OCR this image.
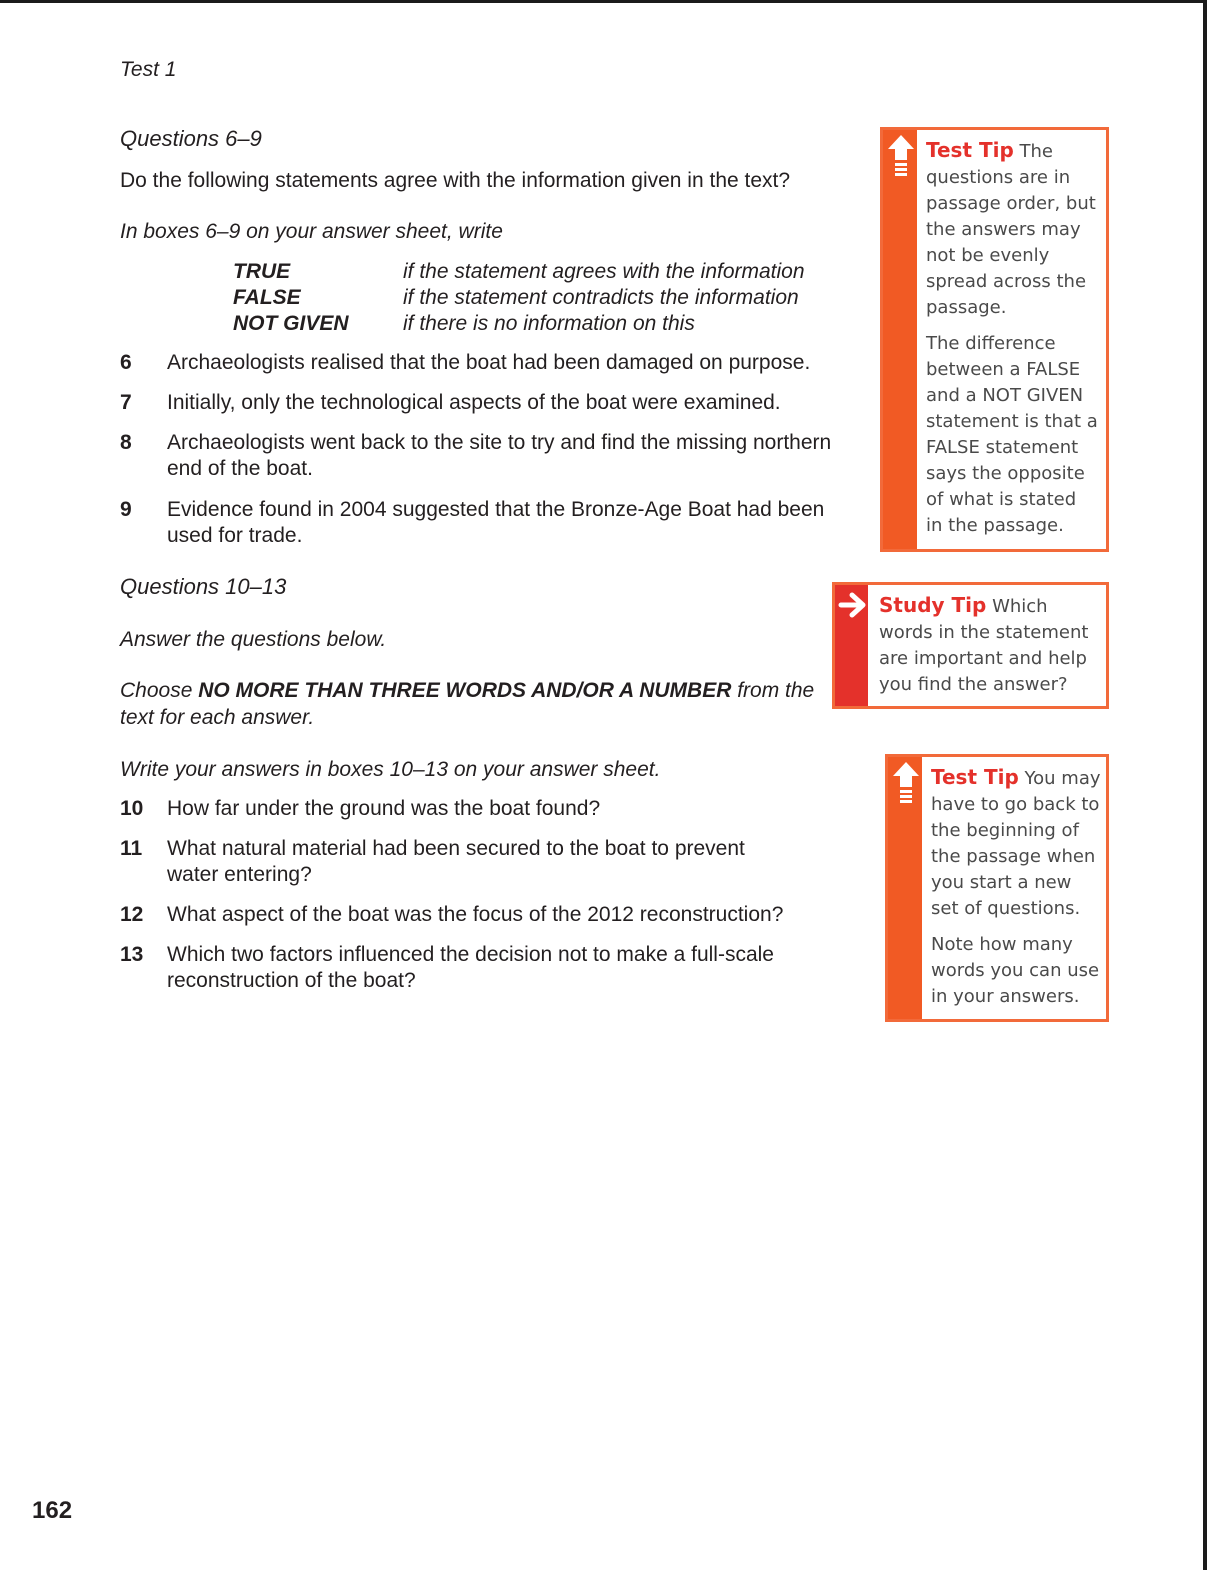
Test 1
Questions 6–9
Do the following statements agree with the information given in the text?
In boxes 6–9 on your answer sheet, write
TRUE	if the statement agrees with the information
FALSE	if the statement contradicts the information
NOT GIVEN	if there is no information on this
6 Archaeologists realised that the boat had been damaged on purpose.
7 Initially, only the technological aspects of the boat were examined.
8 Archaeologists went back to the site to try and find the missing northern end of the boat.
9 Evidence found in 2004 suggested that the Bronze-Age Boat had been used for trade.
Questions 10–13
Answer the questions below.
Choose NO MORE THAN THREE WORDS AND/OR A NUMBER from the text for each answer.
Write your answers in boxes 10–13 on your answer sheet.
10 How far under the ground was the boat found?
11 What natural material had been secured to the boat to prevent water entering?
12 What aspect of the boat was the focus of the 2012 reconstruction?
13 Which two factors influenced the decision not to make a full-scale reconstruction of the boat?

Test Tip The questions are in passage order, but the answers may not be evenly spread across the passage.

The difference between a FALSE and a NOT GIVEN statement is that a FALSE statement says the opposite of what is stated in the passage.

Study Tip Which words in the statement are important and help you find the answer?

Test Tip You may have to go back to the beginning of the passage when you start a new set of questions.

Note how many words you can use in your answers.

162
